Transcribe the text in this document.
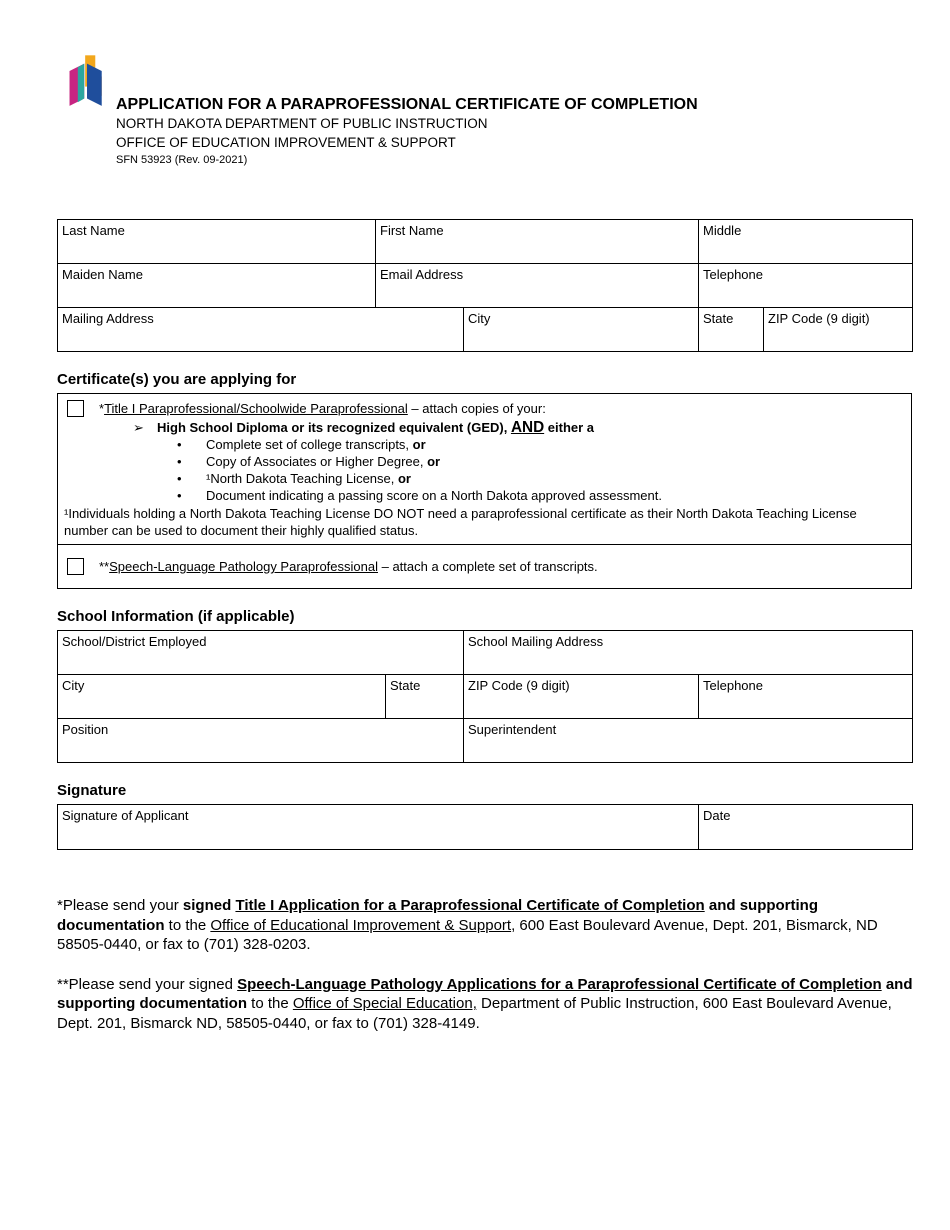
APPLICATION FOR A PARAPROFESSIONAL CERTIFICATE OF COMPLETION
NORTH DAKOTA DEPARTMENT OF PUBLIC INSTRUCTION
OFFICE OF EDUCATION IMPROVEMENT & SUPPORT
SFN 53923 (Rev. 09-2021)
Last Name	First Name	Middle
Maiden Name	Email Address	Telephone
Mailing Address	City	State	ZIP Code (9 digit)
Certificate(s) you are applying for
*Title I Paraprofessional/Schoolwide Paraprofessional – attach copies of your:
➢ High School Diploma or its recognized equivalent (GED), AND either a
• Complete set of college transcripts, or
• Copy of Associates or Higher Degree, or
• ¹North Dakota Teaching License, or
• Document indicating a passing score on a North Dakota approved assessment.
¹Individuals holding a North Dakota Teaching License DO NOT need a paraprofessional certificate as their North Dakota Teaching License number can be used to document their highly qualified status.
**Speech-Language Pathology Paraprofessional – attach a complete set of transcripts.
School Information (if applicable)
School/District Employed		School Mailing Address	
City	State	ZIP Code (9 digit)	Telephone
Position		Superintendent	
Signature
Signature of Applicant	Date

*Please send your signed Title I Application for a Paraprofessional Certificate of Completion and supporting documentation to the Office of Educational Improvement & Support, 600 East Boulevard Avenue, Dept. 201, Bismarck, ND 58505-0440, or fax to (701) 328-0203.

**Please send your signed Speech-Language Pathology Applications for a Paraprofessional Certificate of Completion and supporting documentation to the Office of Special Education, Department of Public Instruction, 600 East Boulevard Avenue, Dept. 201, Bismarck ND, 58505-0440, or fax to (701) 328-4149.
